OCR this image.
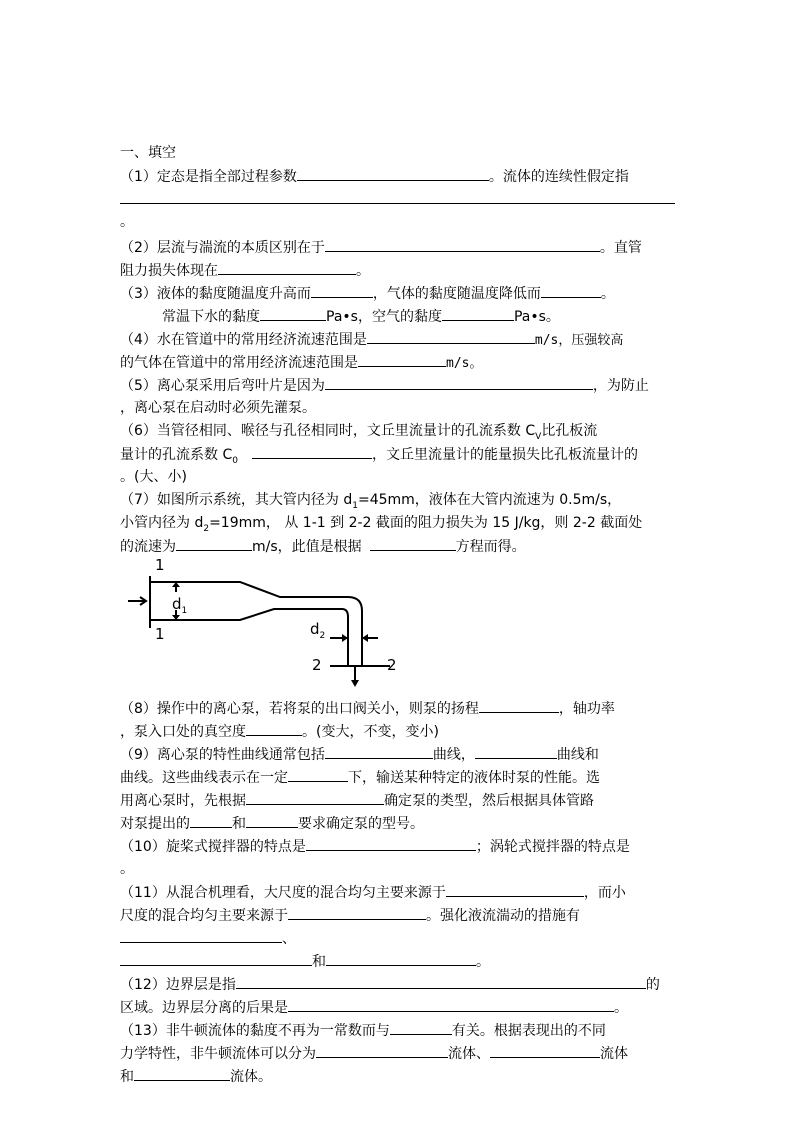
一、填空
（1）定态是指全部过程参数	。流体的连续性假定指
。
（2）层流与湍流的本质区别在于	。直管
阻力损失体现在	。
（3）液体的黏度随温度升高而	，气体的黏度随温度降低而	。
常温下水的黏度	Pa•s，空气的黏度	Pa•s。
（4）水在管道中的常用经济流速范围是	m/s，压强较高
的气体在管道中的常用经济流速范围是	m/s。
（5）离心泵采用后弯叶片是因为	，为防止
，离心泵在启动时必须先灌泵。
（6）当管径相同、喉径与孔径相同时，文丘里流量计的孔流系数 $C_V$比孔板流
量计的孔流系数 $C_0$	，文丘里流量计的能量损失比孔板流量计的
。(大、小)
（7）如图所示系统，其大管内径为 $d_1=45mm$，液体在大管内流速为 0.5m/s，
小管内径为 $d_2=19mm$， 从 1-1 到 2-2 截面的阻力损失为 15 J/kg，则 2-2 截面处
的流速为	m/s，此值是根据	方程而得。
1
1
$d_1$
$d_2$
2	2
（8）操作中的离心泵，若将泵的出口阀关小，则泵的扬程	，轴功率
，泵入口处的真空度	。(变大，不变，变小)
（9）离心泵的特性曲线通常包括	曲线，	曲线和
曲线。这些曲线表示在一定	下，输送某种特定的液体时泵的性能。选
用离心泵时，先根据	确定泵的类型，然后根据具体管路
对泵提出的	和	要求确定泵的型号。
（10）旋桨式搅拌器的特点是	；涡轮式搅拌器的特点是
。
（11）从混合机理看，大尺度的混合均匀主要来源于	，而小
尺度的混合均匀主要来源于	。强化液流湍动的措施有
、
和	。
（12）边界层是指	的
区域。边界层分离的后果是	。
（13）非牛顿流体的黏度不再为一常数而与	有关。根据表现出的不同
力学特性，非牛顿流体可以分为	流体、	流体
和	流体。
